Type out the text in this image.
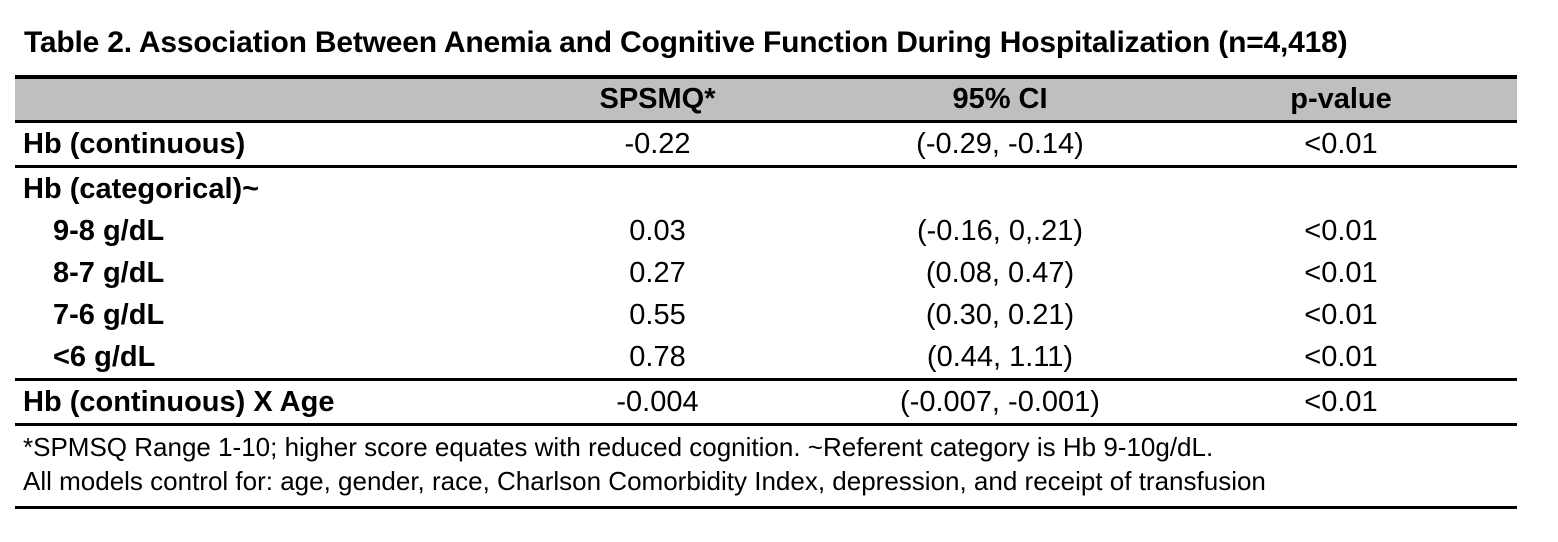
Table 2. Association Between Anemia and Cognitive Function During Hospitalization (n=4,418)
	SPSMQ*	95% CI	p-value
Hb (continuous)	-0.22	(-0.29, -0.14)	<0.01
Hb (categorical)~			
9-8 g/dL	0.03	(-0.16, 0,.21)	<0.01
8-7 g/dL	0.27	(0.08, 0.47)	<0.01
7-6 g/dL	0.55	(0.30, 0.21)	<0.01
<6 g/dL	0.78	(0.44, 1.11)	<0.01
Hb (continuous) X Age	-0.004	(-0.007, -0.001)	<0.01

*SPMSQ Range 1-10; higher score equates with reduced cognition. ~Referent category is Hb 9-10g/dL.
All models control for: age, gender, race, Charlson Comorbidity Index, depression, and receipt of transfusion			
